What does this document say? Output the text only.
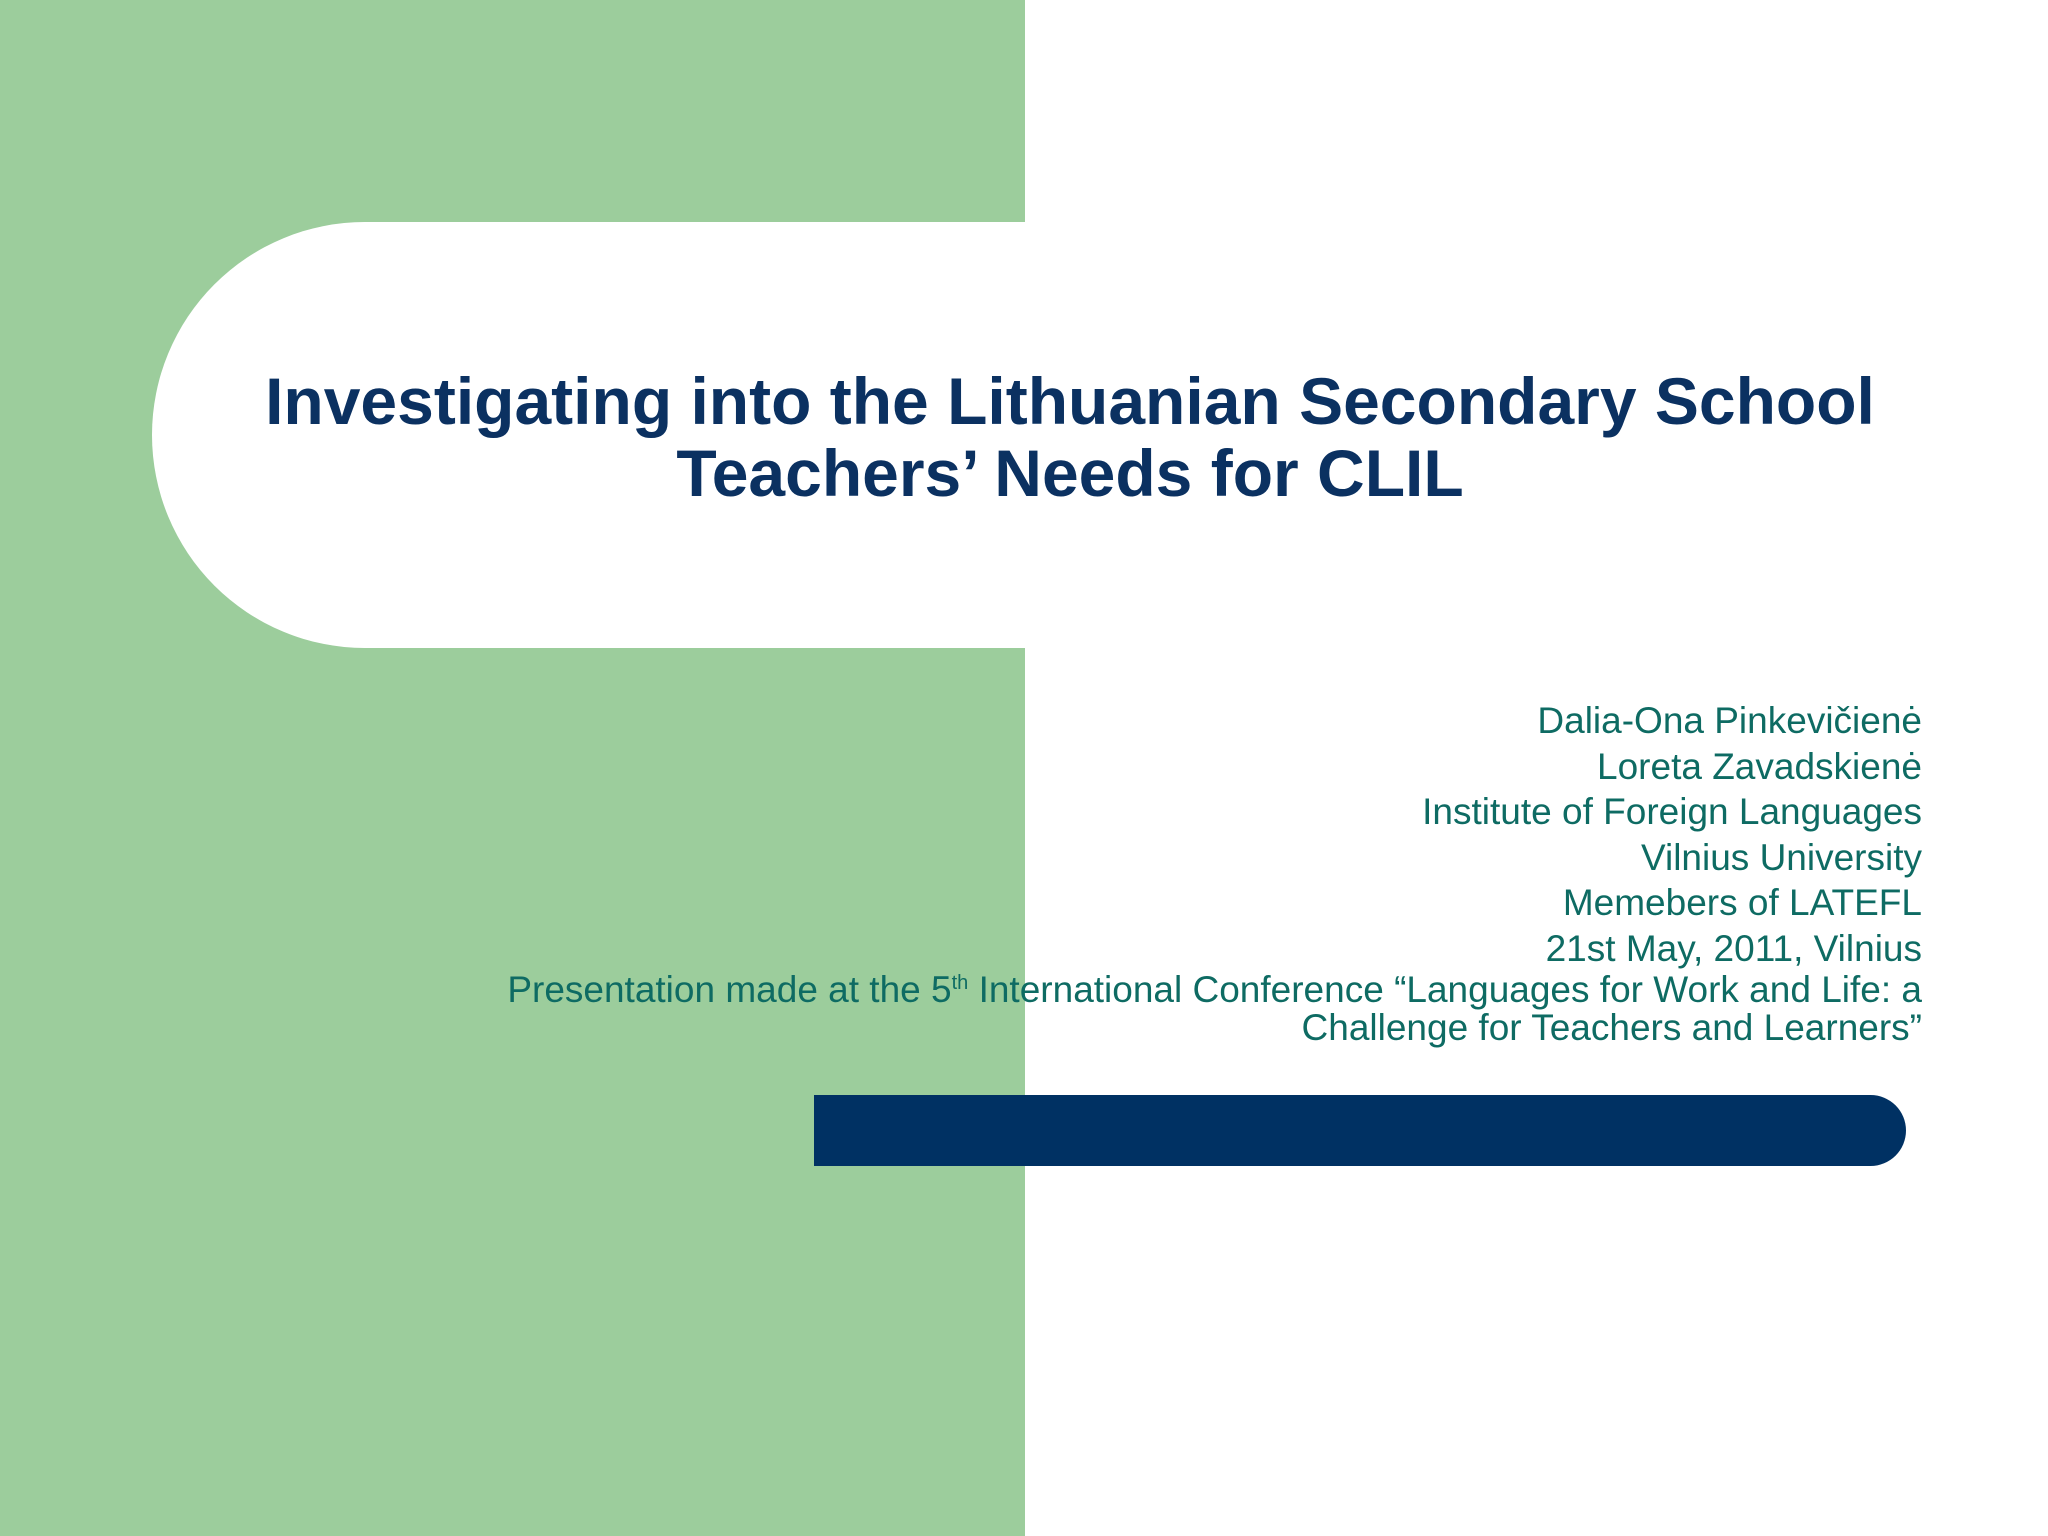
Investigating into the Lithuanian Secondary School
Teachers’ Needs for CLIL
Dalia-Ona Pinkevičienė
Loreta Zavadskienė
Institute of Foreign Languages
Vilnius University
Memebers of LATEFL
21st May, 2011, Vilnius
Presentation made at the 5th International Conference “Languages for Work and Life: a
Challenge for Teachers and Learners”
